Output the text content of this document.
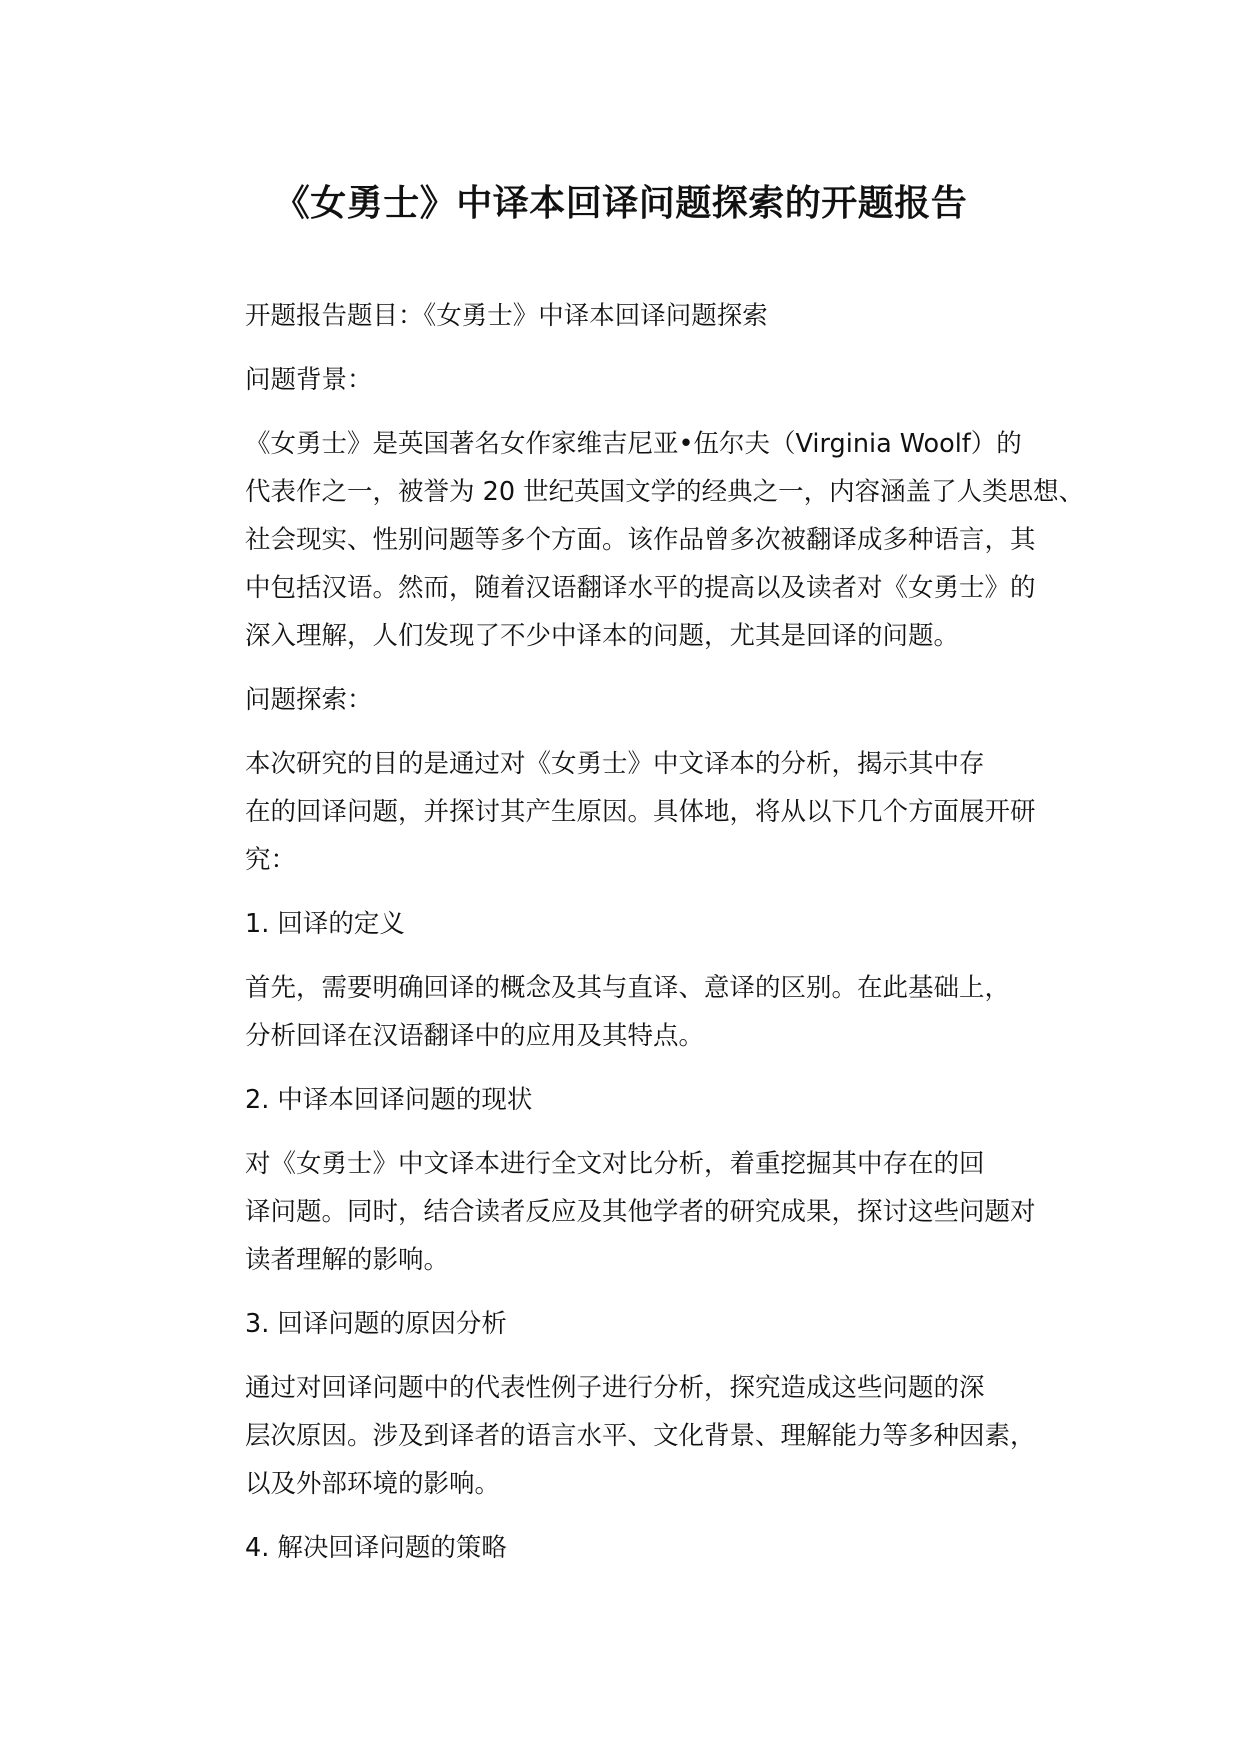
《女勇士》中译本回译问题探索的开题报告

开题报告题目：《女勇士》中译本回译问题探索

问题背景：

《女勇士》是英国著名女作家维吉尼亚•伍尔夫（Virginia Woolf）的
代表作之一，被誉为 20 世纪英国文学的经典之一，内容涵盖了人类思想、
社会现实、性别问题等多个方面。该作品曾多次被翻译成多种语言，其
中包括汉语。然而，随着汉语翻译水平的提高以及读者对《女勇士》的
深入理解，人们发现了不少中译本的问题，尤其是回译的问题。

问题探索：

本次研究的目的是通过对《女勇士》中文译本的分析，揭示其中存
在的回译问题，并探讨其产生原因。具体地，将从以下几个方面展开研
究：

1. 回译的定义

首先，需要明确回译的概念及其与直译、意译的区别。在此基础上，
分析回译在汉语翻译中的应用及其特点。

2. 中译本回译问题的现状

对《女勇士》中文译本进行全文对比分析，着重挖掘其中存在的回
译问题。同时，结合读者反应及其他学者的研究成果，探讨这些问题对
读者理解的影响。

3. 回译问题的原因分析

通过对回译问题中的代表性例子进行分析，探究造成这些问题的深
层次原因。涉及到译者的语言水平、文化背景、理解能力等多种因素，
以及外部环境的影响。

4. 解决回译问题的策略
